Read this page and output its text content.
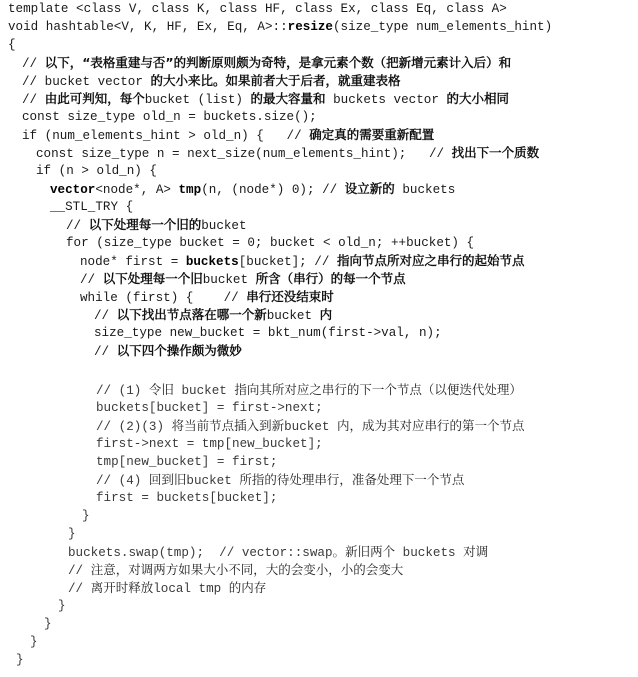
template <class V, class K, class HF, class Ex, class Eq, class A>
void hashtable<V, K, HF, Ex, Eq, A>::resize(size_type num_elements_hint)
{
// 以下，“表格重建与否”的判断原则颇为奇特，是拿元素个数（把新增元素计入后）和
// bucket vector 的大小来比。如果前者大于后者，就重建表格
// 由此可判知，每个bucket (list) 的最大容量和 buckets vector 的大小相同
const size_type old_n = buckets.size();
if (num_elements_hint > old_n) {   // 确定真的需要重新配置
const size_type n = next_size(num_elements_hint);   // 找出下一个质数
if (n > old_n) {
vector<node*, A> tmp(n, (node*) 0); // 设立新的 buckets
__STL_TRY {
// 以下处理每一个旧的bucket
for (size_type bucket = 0; bucket < old_n; ++bucket) {
node* first = buckets[bucket]; // 指向节点所对应之串行的起始节点
// 以下处理每一个旧bucket 所含（串行）的每一个节点
while (first) {    // 串行还没结束时
// 以下找出节点落在哪一个新bucket 内
size_type new_bucket = bkt_num(first->val, n);
// 以下四个操作颇为微妙
// (1) 令旧 bucket 指向其所对应之串行的下一个节点（以便迭代处理）
buckets[bucket] = first->next;
// (2)(3) 将当前节点插入到新bucket 内，成为其对应串行的第一个节点
first->next = tmp[new_bucket];
tmp[new_bucket] = first;
// (4) 回到旧bucket 所指的待处理串行，准备处理下一个节点
first = buckets[bucket];
}
}
buckets.swap(tmp);  // vector::swap。新旧两个 buckets 对调
// 注意，对调两方如果大小不同，大的会变小，小的会变大
// 离开时释放local tmp 的内存
}
}
}
}
